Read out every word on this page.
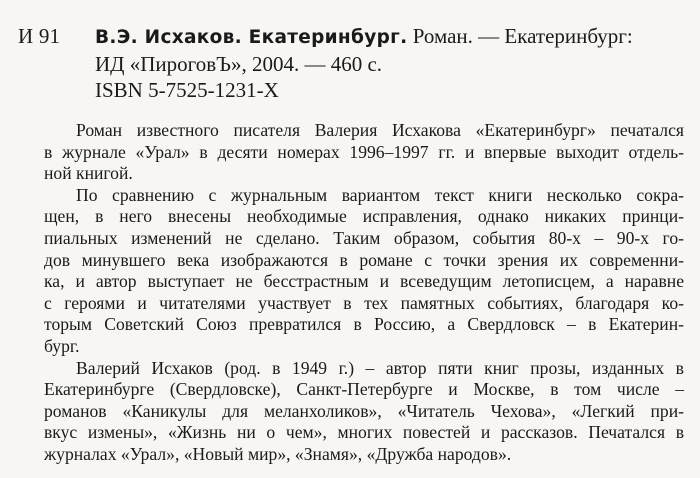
И 91 В.Э. Исхаков. Екатеринбург. Роман. — Екатеринбург:
ИД «ПироговЪ», 2004. — 460 с.
ISBN 5-7525-1231-Х
Роман известного писателя Валерия Исхакова «Екатеринбург» печатался
в журнале «Урал» в десяти номерах 1996–1997 гг. и впервые выходит отдель-
ной книгой.
По сравнению с журнальным вариантом текст книги несколько сокра-
щен, в него внесены необходимые исправления, однако никаких принци-
пиальных изменений не сделано. Таким образом, события 80-х – 90-х го-
дов минувшего века изображаются в романе с точки зрения их современни-
ка, и автор выступает не бесстрастным и всеведущим летописцем, а наравне
с героями и читателями участвует в тех памятных событиях, благодаря ко-
торым Советский Союз превратился в Россию, а Свердловск – в Екатерин-
бург.
Валерий Исхаков (род. в 1949 г.) – автор пяти книг прозы, изданных в
Екатеринбурге (Свердловске), Санкт-Петербурге и Москве, в том числе –
романов «Каникулы для меланхоликов», «Читатель Чехова», «Легкий при-
вкус измены», «Жизнь ни о чем», многих повестей и рассказов. Печатался в
журналах «Урал», «Новый мир», «Знамя», «Дружба народов».
